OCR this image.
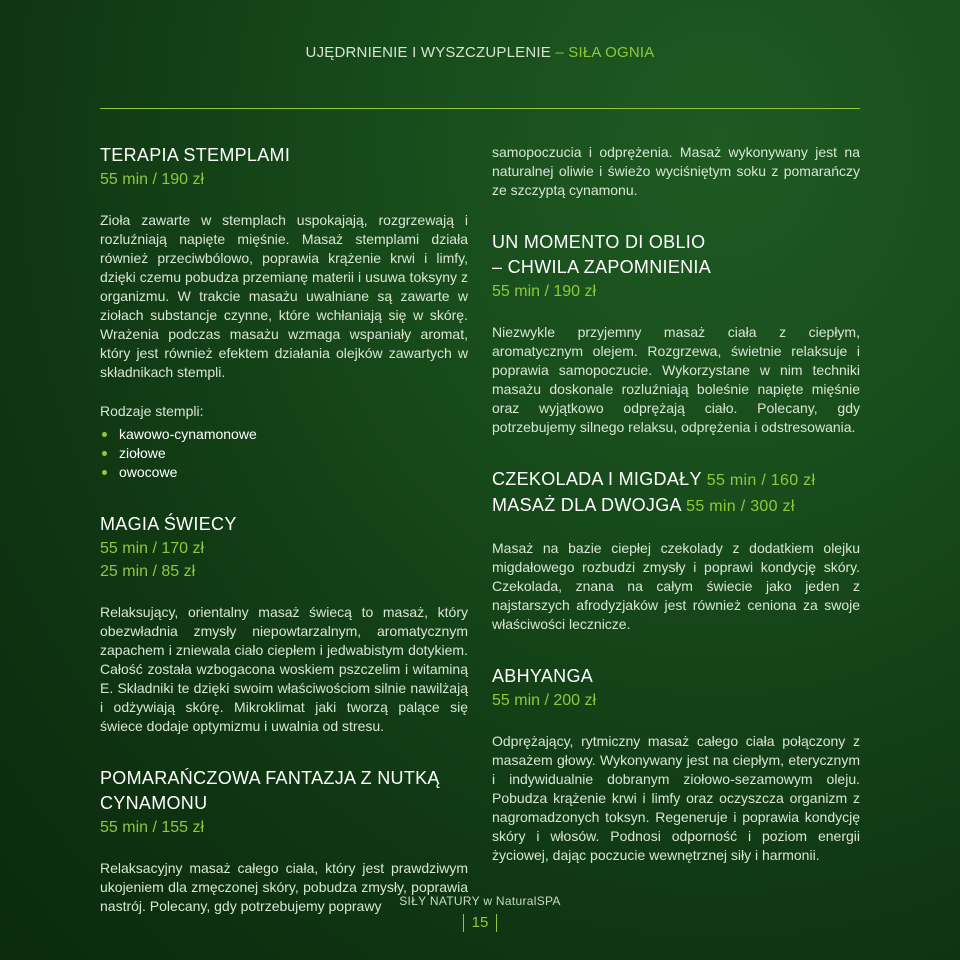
UJĘDRNIENIE I WYSZCZUPLENIE – SIŁA OGNIA
TERAPIA STEMPLAMI
55 min / 190 zł

Zioła zawarte w stemplach uspokajają, rozgrzewają i rozluźniają napięte mięśnie. Masaż stemplami działa również przeciwbólowo, poprawia krążenie krwi i limfy, dzięki czemu pobudza przemianę materii i usuwa toksyny z organizmu. W trakcie masażu uwalniane są zawarte w ziołach substancje czynne, które wchłaniają się w skórę. Wrażenia podczas masażu wzmaga wspaniały aromat, który jest również efektem działania olejków zawartych w składnikach stempli.

Rodzaje stempli:

kawowo-cynamonowe
ziołowe
owocowe
MAGIA ŚWIECY
55 min / 170 zł
25 min / 85 zł

Relaksujący, orientalny masaż świecą to masaż, który obezwładnia zmysły niepowtarzalnym, aromatycznym zapachem i zniewala ciało ciepłem i jedwabistym dotykiem. Całość została wzbogacona woskiem pszczelim i witaminą E. Składniki te dzięki swoim właściwościom silnie nawilżają i odżywiają skórę. Mikroklimat jaki tworzą palące się świece dodaje optymizmu i uwalnia od stresu.

POMARAŃCZOWA FANTAZJA Z NUTKĄ CYNAMONU
55 min / 155 zł

Relaksacyjny masaż całego ciała, który jest prawdziwym ukojeniem dla zmęczonej skóry, pobudza zmysły, poprawia nastrój. Polecany, gdy potrzebujemy poprawy

samopoczucia i odprężenia. Masaż wykonywany jest na naturalnej oliwie i świeżo wyciśniętym soku z pomarańczy ze szczyptą cynamonu.

UN MOMENTO DI OBLIO
– CHWILA ZAPOMNIENIA
55 min / 190 zł

Niezwykle przyjemny masaż ciała z ciepłym, aromatycznym olejem. Rozgrzewa, świetnie relaksuje i poprawia samopoczucie. Wykorzystane w nim techniki masażu doskonale rozluźniają boleśnie napięte mięśnie oraz wyjątkowo odprężają ciało. Polecany, gdy potrzebujemy silnego relaksu, odprężenia i odstresowania.

CZEKOLADA I MIGDAŁY 55 min / 160 zł
MASAŻ DLA DWOJGA 55 min / 300 zł

Masaż na bazie ciepłej czekolady z dodatkiem olejku migdałowego rozbudzi zmysły i poprawi kondycję skóry. Czekolada, znana na całym świecie jako jeden z najstarszych afrodyzjaków jest również ceniona za swoje właściwości lecznicze.

ABHYANGA
55 min / 200 zł

Odprężający, rytmiczny masaż całego ciała połączony z masażem głowy. Wykonywany jest na ciepłym, eterycznym i indywidualnie dobranym ziołowo-sezamowym oleju. Pobudza krążenie krwi i limfy oraz oczyszcza organizm z nagromadzonych toksyn. Regeneruje i poprawia kondycję skóry i włosów. Podnosi odporność i poziom energii życiowej, dając poczucie wewnętrznej siły i harmonii.

SIŁY NATURY w NaturalSPA
15
